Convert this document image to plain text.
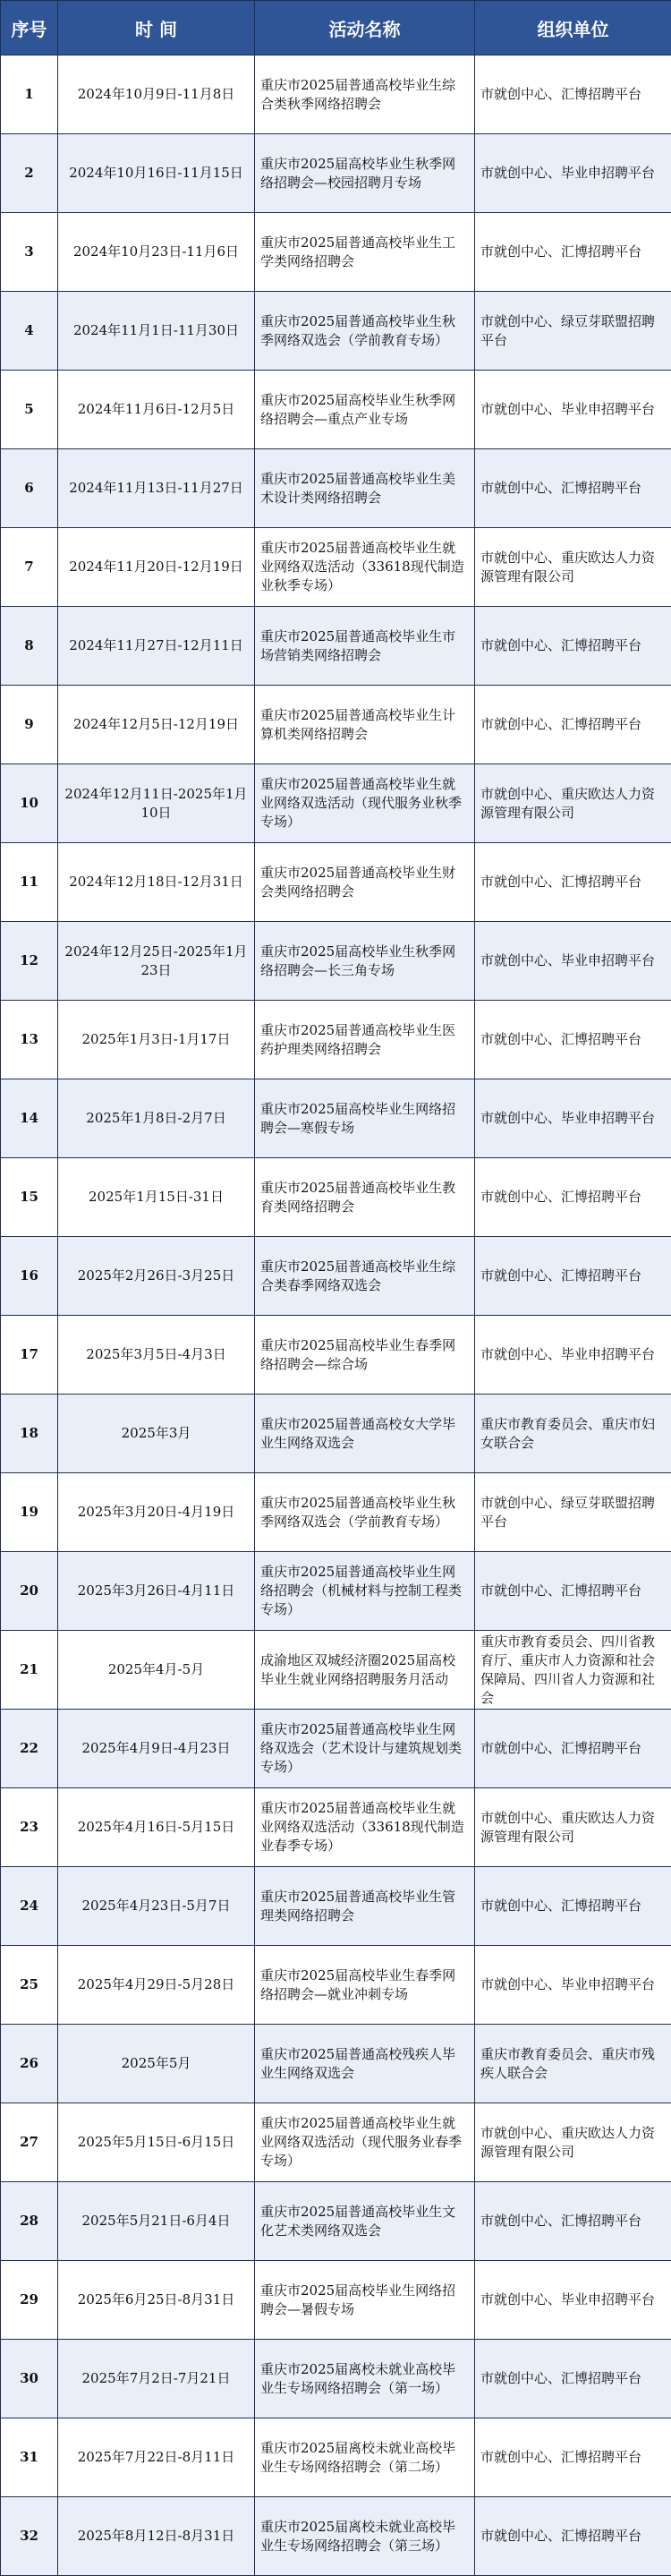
序号	时 间	活动名称	组织单位
1	2024年10月9日-11月8日	重庆市2025届普通高校毕业生综合类秋季网络招聘会	市就创中心、汇博招聘平台
2	2024年10月16日-11月15日	重庆市2025届高校毕业生秋季网络招聘会—校园招聘月专场	市就创中心、毕业申招聘平台
3	2024年10月23日-11月6日	重庆市2025届普通高校毕业生工学类网络招聘会	市就创中心、汇博招聘平台
4	2024年11月1日-11月30日	重庆市2025届普通高校毕业生秋季网络双选会（学前教育专场）	市就创中心、绿豆芽联盟招聘平台
5	2024年11月6日-12月5日	重庆市2025届高校毕业生秋季网络招聘会—重点产业专场	市就创中心、毕业申招聘平台
6	2024年11月13日-11月27日	重庆市2025届普通高校毕业生美术设计类网络招聘会	市就创中心、汇博招聘平台
7	2024年11月20日-12月19日	重庆市2025届普通高校毕业生就业网络双选活动（33618现代制造业秋季专场）	市就创中心、重庆欧达人力资源管理有限公司
8	2024年11月27日-12月11日	重庆市2025届普通高校毕业生市场营销类网络招聘会	市就创中心、汇博招聘平台
9	2024年12月5日-12月19日	重庆市2025届普通高校毕业生计算机类网络招聘会	市就创中心、汇博招聘平台
10	2024年12月11日-2025年1月10日	重庆市2025届普通高校毕业生就业网络双选活动（现代服务业秋季专场）	市就创中心、重庆欧达人力资源管理有限公司
11	2024年12月18日-12月31日	重庆市2025届普通高校毕业生财会类网络招聘会	市就创中心、汇博招聘平台
12	2024年12月25日-2025年1月23日	重庆市2025届高校毕业生秋季网络招聘会—长三角专场	市就创中心、毕业申招聘平台
13	2025年1月3日-1月17日	重庆市2025届普通高校毕业生医药护理类网络招聘会	市就创中心、汇博招聘平台
14	2025年1月8日-2月7日	重庆市2025届高校毕业生网络招聘会—寒假专场	市就创中心、毕业申招聘平台
15	2025年1月15日-31日	重庆市2025届普通高校毕业生教育类网络招聘会	市就创中心、汇博招聘平台
16	2025年2月26日-3月25日	重庆市2025届普通高校毕业生综合类春季网络双选会	市就创中心、汇博招聘平台
17	2025年3月5日-4月3日	重庆市2025届高校毕业生春季网络招聘会—综合场	市就创中心、毕业申招聘平台
18	2025年3月	重庆市2025届普通高校女大学毕业生网络双选会	重庆市教育委员会、重庆市妇女联合会
19	2025年3月20日-4月19日	重庆市2025届普通高校毕业生秋季网络双选会（学前教育专场）	市就创中心、绿豆芽联盟招聘平台
20	2025年3月26日-4月11日	重庆市2025届普通高校毕业生网络招聘会（机械材料与控制工程类专场）	市就创中心、汇博招聘平台
21	2025年4月-5月	成渝地区双城经济圈2025届高校毕业生就业网络招聘服务月活动	重庆市教育委员会、四川省教育厅、重庆市人力资源和社会保障局、四川省人力资源和社会
22	2025年4月9日-4月23日	重庆市2025届普通高校毕业生网络双选会（艺术设计与建筑规划类专场）	市就创中心、汇博招聘平台
23	2025年4月16日-5月15日	重庆市2025届普通高校毕业生就业网络双选活动（33618现代制造业春季专场）	市就创中心、重庆欧达人力资源管理有限公司
24	2025年4月23日-5月7日	重庆市2025届普通高校毕业生管理类网络招聘会	市就创中心、汇博招聘平台
25	2025年4月29日-5月28日	重庆市2025届高校毕业生春季网络招聘会—就业冲刺专场	市就创中心、毕业申招聘平台
26	2025年5月	重庆市2025届普通高校残疾人毕业生网络双选会	重庆市教育委员会、重庆市残疾人联合会
27	2025年5月15日-6月15日	重庆市2025届普通高校毕业生就业网络双选活动（现代服务业春季专场）	市就创中心、重庆欧达人力资源管理有限公司
28	2025年5月21日-6月4日	重庆市2025届普通高校毕业生文化艺术类网络双选会	市就创中心、汇博招聘平台
29	2025年6月25日-8月31日	重庆市2025届高校毕业生网络招聘会—暑假专场	市就创中心、毕业申招聘平台
30	2025年7月2日-7月21日	重庆市2025届离校未就业高校毕业生专场网络招聘会（第一场）	市就创中心、汇博招聘平台
31	2025年7月22日-8月11日	重庆市2025届离校未就业高校毕业生专场网络招聘会（第二场）	市就创中心、汇博招聘平台
32	2025年8月12日-8月31日	重庆市2025届离校未就业高校毕业生专场网络招聘会（第三场）	市就创中心、汇博招聘平台
